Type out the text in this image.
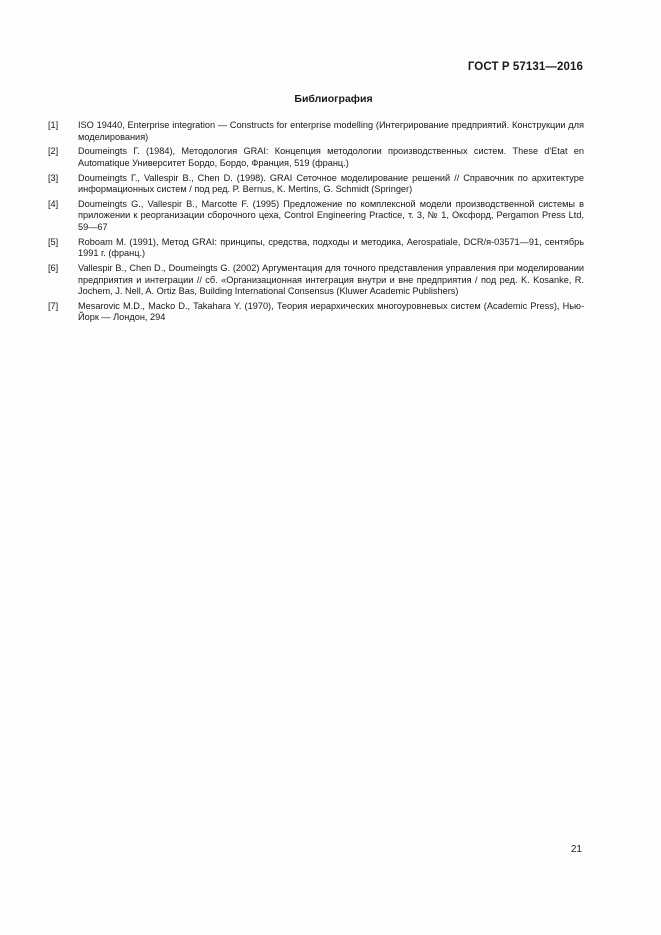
ГОСТ Р 57131—2016
Библиография
[1]	ISO 19440, Enterprise integration — Constructs for enterprise modelling (Интегрирование предприятий. Конструкции для моделирования)
[2]	Doumeingts Г. (1984), Методология GRAI: Концепция методологии производственных систем. These d'Etat en Automatique Университет Бордо, Бордо, Франция, 519 (франц.)
[3]	Doumeingts Г., Vallespir B., Chen D. (1998). GRAI Сеточное моделирование решений // Справочник по архитектуре информационных систем / под ред. P. Bernus, K. Mertins, G. Schmidt (Springer)
[4]	Doumeingts G., Vallespir B., Marcotte F. (1995) Предложение по комплексной модели производственной системы в приложении к реорганизации сборочного цеха, Control Engineering Practice, т. 3, № 1, Оксфорд, Pergamon Press Ltd, 59—67
[5]	Roboam M. (1991), Метод GRAI: принципы, средства, подходы и методика, Aerospatiale, DCR/я-03571—91, сентябрь 1991 г. (франц.)
[6]	Vallespir B., Chen D., Doumeingts G. (2002) Аргументация для точного представления управления при моделировании предприятия и интеграции // сб. «Организационная интеграция внутри и вне предприятия / под ред. K. Kosanke, R. Jochem, J. Nell, A. Ortiz Bas, Building International Consensus (Kluwer Academic Publishers)
[7]	Mesarovic M.D., Macko D., Takahara Y. (1970), Теория иерархических многоуровневых систем (Academic Press), Нью-Йорк — Лондон, 294
21
